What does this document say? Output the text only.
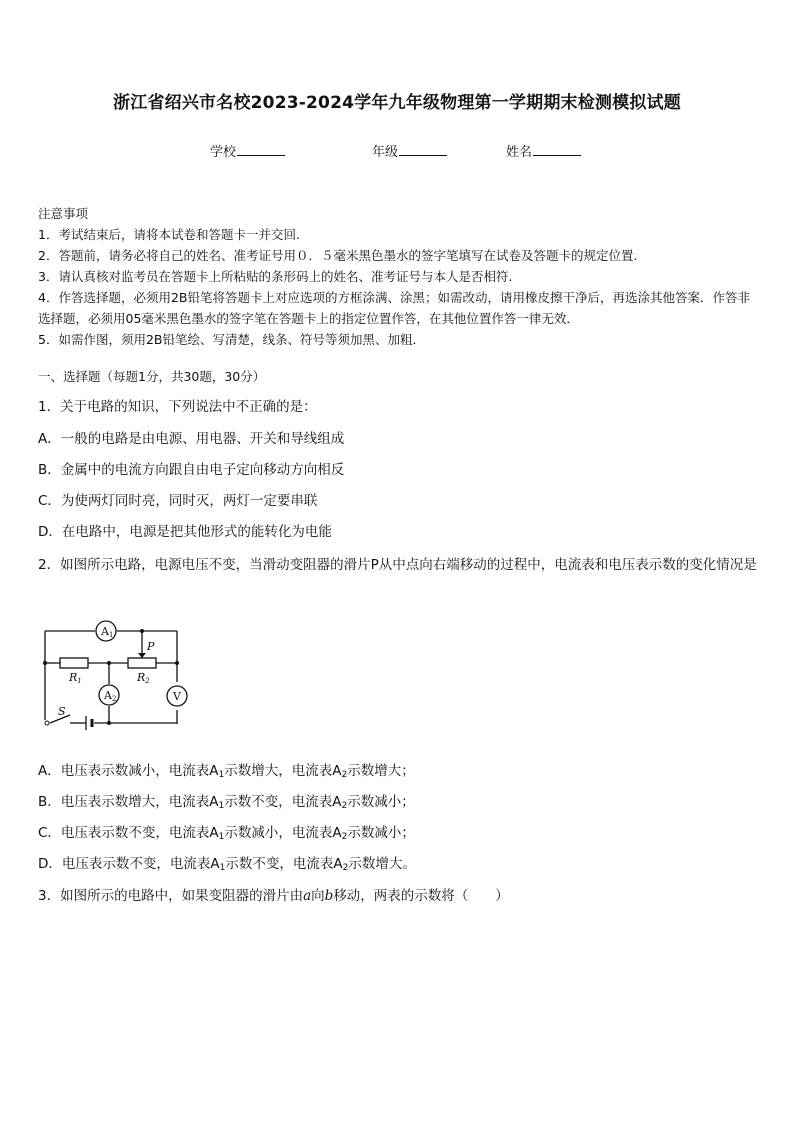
浙江省绍兴市名校2023-2024学年九年级物理第一学期期末检测模拟试题
学校	年级	姓名
注意事项
1．考试结束后，请将本试卷和答题卡一并交回.
2．答题前，请务必将自己的姓名、准考证号用０．５毫米黑色墨水的签字笔填写在试卷及答题卡的规定位置.
3．请认真核对监考员在答题卡上所粘贴的条形码上的姓名、准考证号与本人是否相符.
4．作答选择题，必须用2B铅笔将答题卡上对应选项的方框涂满、涂黑；如需改动，请用橡皮擦干净后，再选涂其他答案．作答非选择题，必须用05毫米黑色墨水的签字笔在答题卡上的指定位置作答，在其他位置作答一律无效．
5．如需作图，须用2B铅笔绘、写清楚，线条、符号等须加黑、加粗．
一、选择题（每题1分，共30题，30分）
1．关于电路的知识，下列说法中不正确的是：
A．一般的电路是由电源、用电器、开关和导线组成
B．金属中的电流方向跟自由电子定向移动方向相反
C．为使两灯同时亮，同时灭，两灯一定要串联
D．在电路中，电源是把其他形式的能转化为电能
2．如图所示电路，电源电压不变，当滑动变阻器的滑片P从中点向右端移动的过程中，电流表和电压表示数的变化情况是
A1
A2	V
P
R1	R2
S
A．电压表示数减小，电流表$A_1$示数增大，电流表$A_2$示数增大；
B．电压表示数增大，电流表$A_1$示数不变，电流表$A_2$示数减小；
C．电压表示数不变，电流表$A_1$示数减小，电流表$A_2$示数减小；
D．电压表示数不变，电流表$A_1$示数不变，电流表$A_2$示数增大。
3．如图所示的电路中，如果变阻器的滑片由a向b移动，两表的示数将（　　）
